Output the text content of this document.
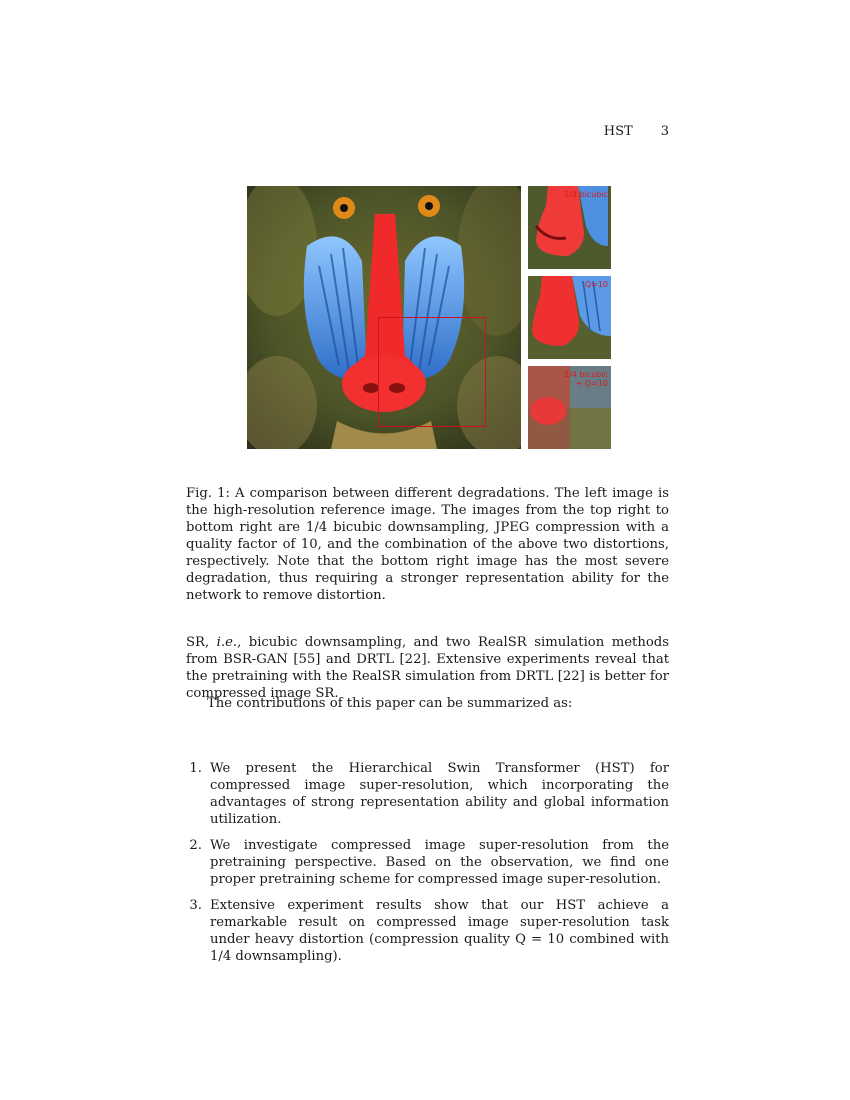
HST 3
1/4 bicubic
Q=10
1/4 bicubic + Q=10
Fig. 1: A comparison between different degradations. The left image is the high-resolution reference image. The images from the top right to bottom right are 1/4 bicubic downsampling, JPEG compression with a quality factor of 10, and the combination of the above two distortions, respectively. Note that the bottom right image has the most severe degradation, thus requiring a stronger representation ability for the network to remove distortion.
SR, i.e., bicubic downsampling, and two RealSR simulation methods from BSR-GAN [55] and DRTL [22]. Extensive experiments reveal that the pretraining with the RealSR simulation from DRTL [22] is better for compressed image SR.
The contributions of this paper can be summarized as:
1. We present the Hierarchical Swin Transformer (HST) for compressed image super-resolution, which incorporating the advantages of strong representation ability and global information utilization.
2. We investigate compressed image super-resolution from the pretraining perspective. Based on the observation, we find one proper pretraining scheme for compressed image super-resolution.
3. Extensive experiment results show that our HST achieve a remarkable result on compressed image super-resolution task under heavy distortion (compression quality Q = 10 combined with 1/4 downsampling).
